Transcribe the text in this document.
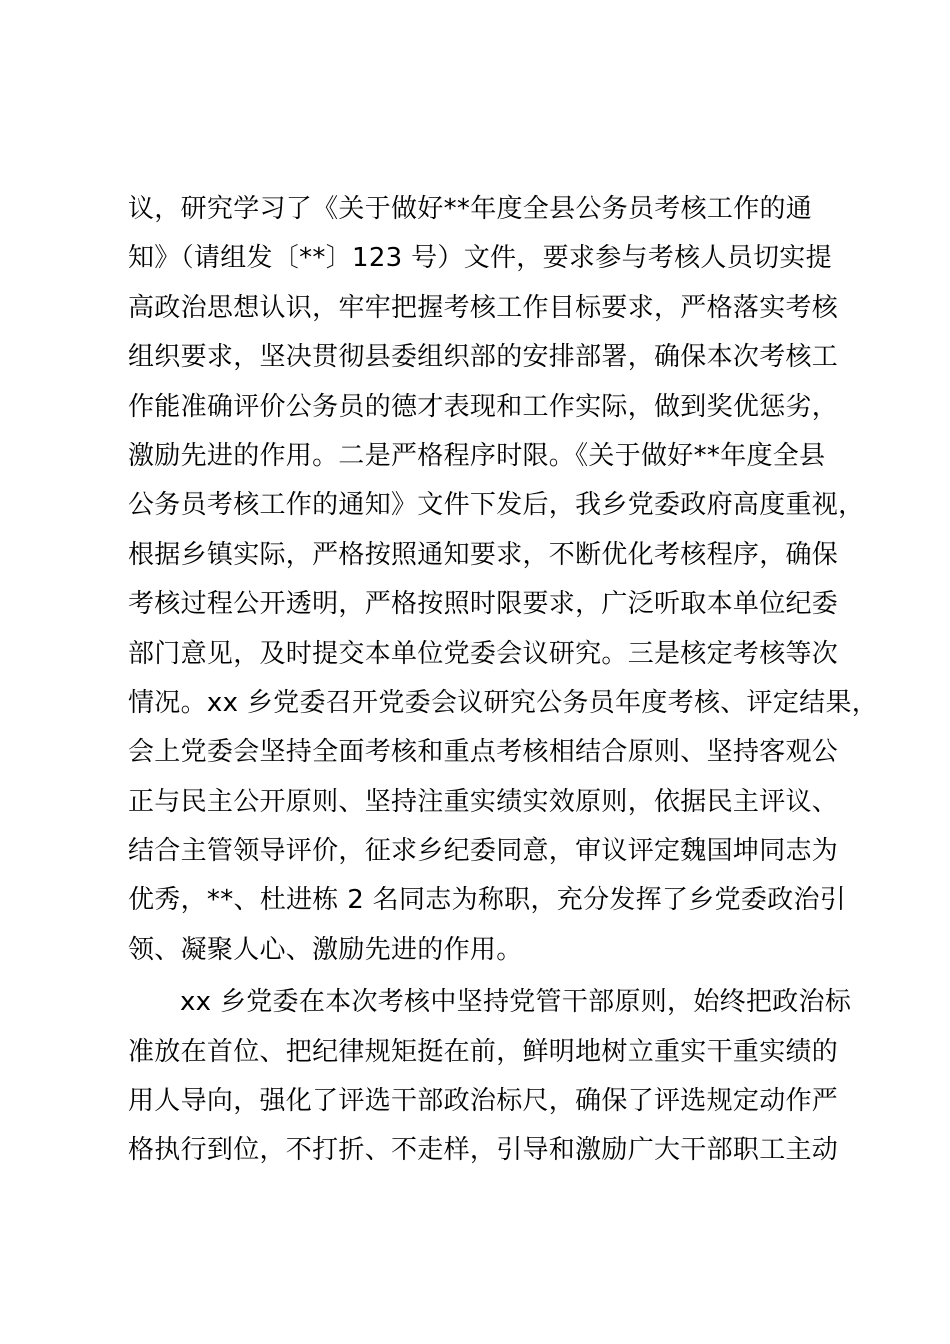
议，研究学习了《关于做好**年度全县公务员考核工作的通
知》（请组发〔**〕123 号）文件，要求参与考核人员切实提
高政治思想认识，牢牢把握考核工作目标要求，严格落实考核
组织要求，坚决贯彻县委组织部的安排部署，确保本次考核工
作能准确评价公务员的德才表现和工作实际，做到奖优惩劣，
激励先进的作用。二是严格程序时限。《关于做好**年度全县
公务员考核工作的通知》文件下发后，我乡党委政府高度重视，
根据乡镇实际，严格按照通知要求，不断优化考核程序，确保
考核过程公开透明，严格按照时限要求，广泛听取本单位纪委
部门意见，及时提交本单位党委会议研究。三是核定考核等次
情况。xx 乡党委召开党委会议研究公务员年度考核、评定结果，
会上党委会坚持全面考核和重点考核相结合原则、坚持客观公
正与民主公开原则、坚持注重实绩实效原则，依据民主评议、
结合主管领导评价，征求乡纪委同意，审议评定魏国坤同志为
优秀，**、杜进栋 2 名同志为称职，充分发挥了乡党委政治引
领、凝聚人心、激励先进的作用。
xx 乡党委在本次考核中坚持党管干部原则，始终把政治标
准放在首位、把纪律规矩挺在前，鲜明地树立重实干重实绩的
用人导向，强化了评选干部政治标尺，确保了评选规定动作严
格执行到位，不打折、不走样，引导和激励广大干部职工主动
